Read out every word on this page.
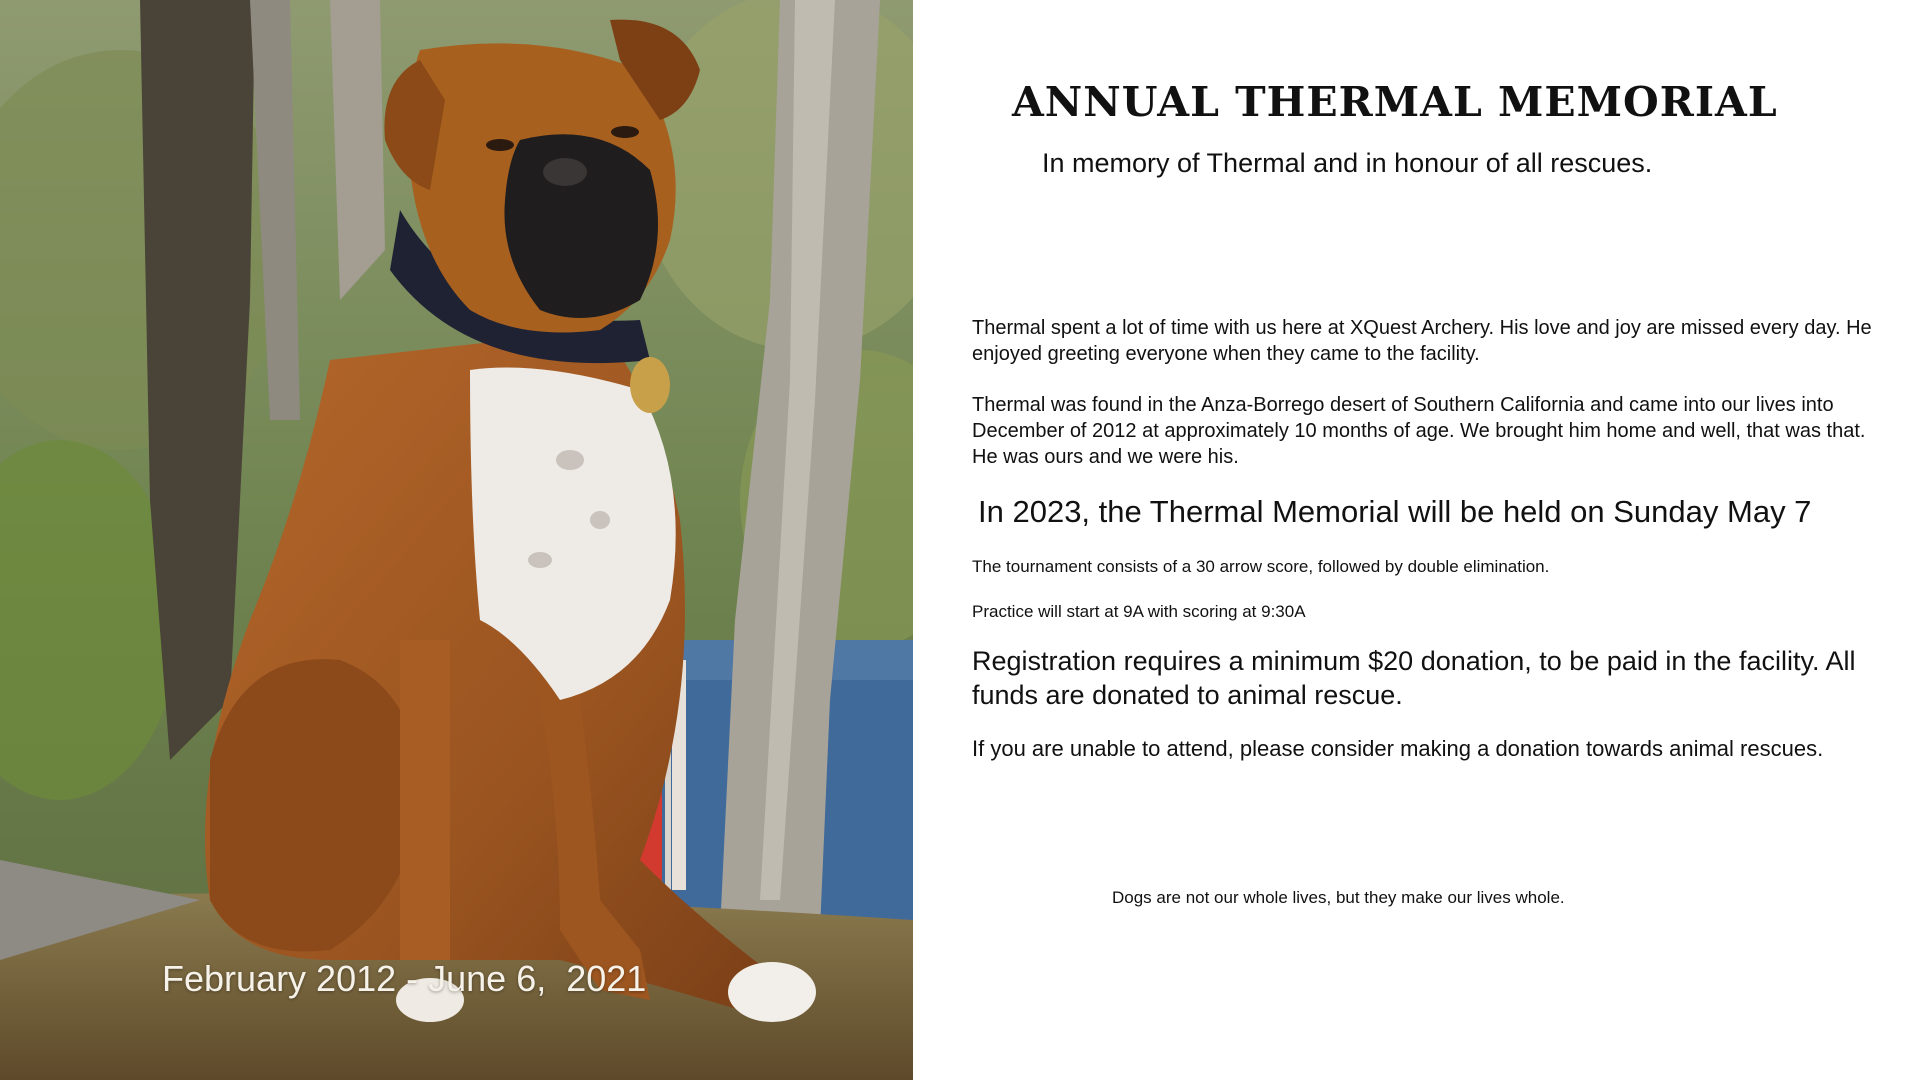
February 2012 - June 6,  2021
ANNUAL THERMAL MEMORIAL

In memory of Thermal and in honour of all rescues.

Thermal spent a lot of time with us here at XQuest Archery. His love and joy are missed every day. He enjoyed greeting everyone when they came to the facility.

Thermal was found in the Anza-Borrego desert of Southern California and came into our lives into December of 2012 at approximately 10 months of age. We brought him home and well, that was that. He was ours and we were his.

In 2023, the Thermal Memorial will be held on Sunday May 7

The tournament consists of a 30 arrow score, followed by double elimination.

Practice will start at 9A with scoring at 9:30A

Registration requires a minimum $20 donation, to be paid in the facility. All funds are donated to animal rescue.

If you are unable to attend, please consider making a donation towards animal rescues.

Dogs are not our whole lives, but they make our lives whole.
